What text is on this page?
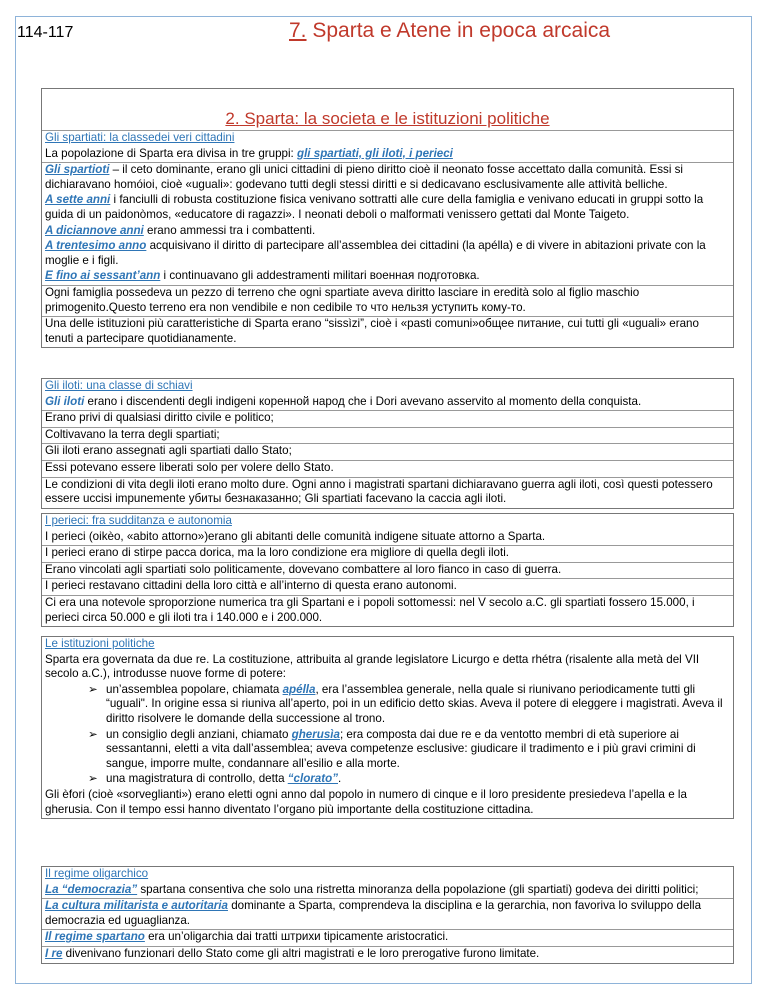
114-117	7. Sparta e Atene in epoca arcaica
2. Sparta: la societa e le istituzioni politiche
Gli spartiati: la classedei veri cittadini
La popolazione di Sparta era divisa in tre gruppi: gli spartiati, gli iloti, i perieci
Gli spartioti – il ceto dominante, erano gli unici cittadini di pieno diritto cioè il neonato fosse accettato dalla comunità. Essi si dichiaravano homóioi, cioè «uguali»: godevano tutti degli stessi diritti e si dedicavano esclusivamente alle attività belliche.
A sette anni i fanciulli di robusta costituzione fisica venivano sottratti alle cure della famiglia e venivano educati in gruppi sotto la guida di un paidonòmos, «educatore di ragazzi». I neonati deboli o malformati venissero gettati dal Monte Taigeto.
A diciannove anni erano ammessi tra i combattenti.
A trentesimo anno acquisivano il diritto di partecipare all’assemblea dei cittadini (la apélla) e di vivere in abitazioni private con la moglie e i figli.
E fino ai sessant’ann i continuavano gli addestramenti militari военная подготовка.
Ogni famiglia possedeva un pezzo di terreno che ogni spartiate aveva diritto lasciare in eredità solo al figlio maschio primogenito.Questo terreno era non vendibile e non cedibile то что нельзя уступить кому-то.
Una delle istituzioni più caratteristiche di Sparta erano “sissìzi”, cioè i «pasti comuni»общее питание, cui tutti gli «uguali» erano tenuti a partecipare quotidianamente.
Gli iloti: una classe di schiavi
Gli iloti erano i discendenti degli indigeni коренной народ che i Dori avevano asservito al momento della conquista.
Erano privi di qualsiasi diritto civile e politico;
Coltivavano la terra degli spartiati;
Gli iloti erano assegnati agli spartiati dallo Stato;
Essi potevano essere liberati solo per volere dello Stato.
Le condizioni di vita degli iloti erano molto dure. Ogni anno i magistrati spartani dichiaravano guerra agli iloti, così questi potessero essere uccisi impunemente убиты безнаказанно; Gli spartiati facevano la caccia agli iloti.
I perieci: fra sudditanza e autonomia
I perieci (oikèo, «abito attorno»)erano gli abitanti delle comunità indigene situate attorno a Sparta.
I perieci erano di stirpe pacca dorica, ma la loro condizione era migliore di quella degli iloti.
Erano vincolati agli spartiati solo politicamente, dovevano combattere al loro fianco in caso di guerra.
I perieci restavano cittadini della loro città e all’interno di questa erano autonomi.
Ci era una notevole sproporzione numerica tra gli Spartani e i popoli sottomessi: nel V secolo a.C. gli spartiati fossero 15.000, i perieci circa 50.000 e gli iloti tra i 140.000 e i 200.000.
Le istituzioni politiche
Sparta era governata da due re. La costituzione, attribuita al grande legislatore Licurgo e detta rhétra (risalente alla metà del VII secolo a.C.), introdusse nuove forme di potere:
➢ un’assemblea popolare, chiamata apélla, era l’assemblea generale, nella quale si riunivano periodicamente tutti gli “uguali". In origine essa si riuniva all’aperto, poi in un edificio detto skias. Aveva il potere di eleggere i magistrati. Aveva il diritto risolvere le domande della successione al trono.
➢ un consiglio degli anziani, chiamato gherusìa; era composta dai due re e da ventotto membri di età superiore ai sessantanni, eletti a vita dall’assemblea; aveva competenze esclusive: giudicare il tradimento e i più gravi crimini di sangue, imporre multe, condannare all’esilio e alla morte.
➢ una magistratura di controllo, detta “clorato”.
Gli èfori (cioè «sorveglianti») erano eletti ogni anno dal popolo in numero di cinque e il loro presidente presiedeva l’apella e la gherusia. Con il tempo essi hanno diventato l’organo più importante della costituzione cittadina.
Il regime oligarchico
La “democrazia” spartana consentiva che solo una ristretta minoranza della popolazione (gli spartiati) godeva dei diritti politici;
La cultura militarista e autoritaria dominante a Sparta, comprendeva la disciplina e la gerarchia, non favoriva lo sviluppo della democrazia ed uguaglianza.
Il regime spartano era un’oligarchia dai tratti штрихи tipicamente aristocratici.
I re divenivano funzionari dello Stato come gli altri magistrati e le loro prerogative furono limitate.
